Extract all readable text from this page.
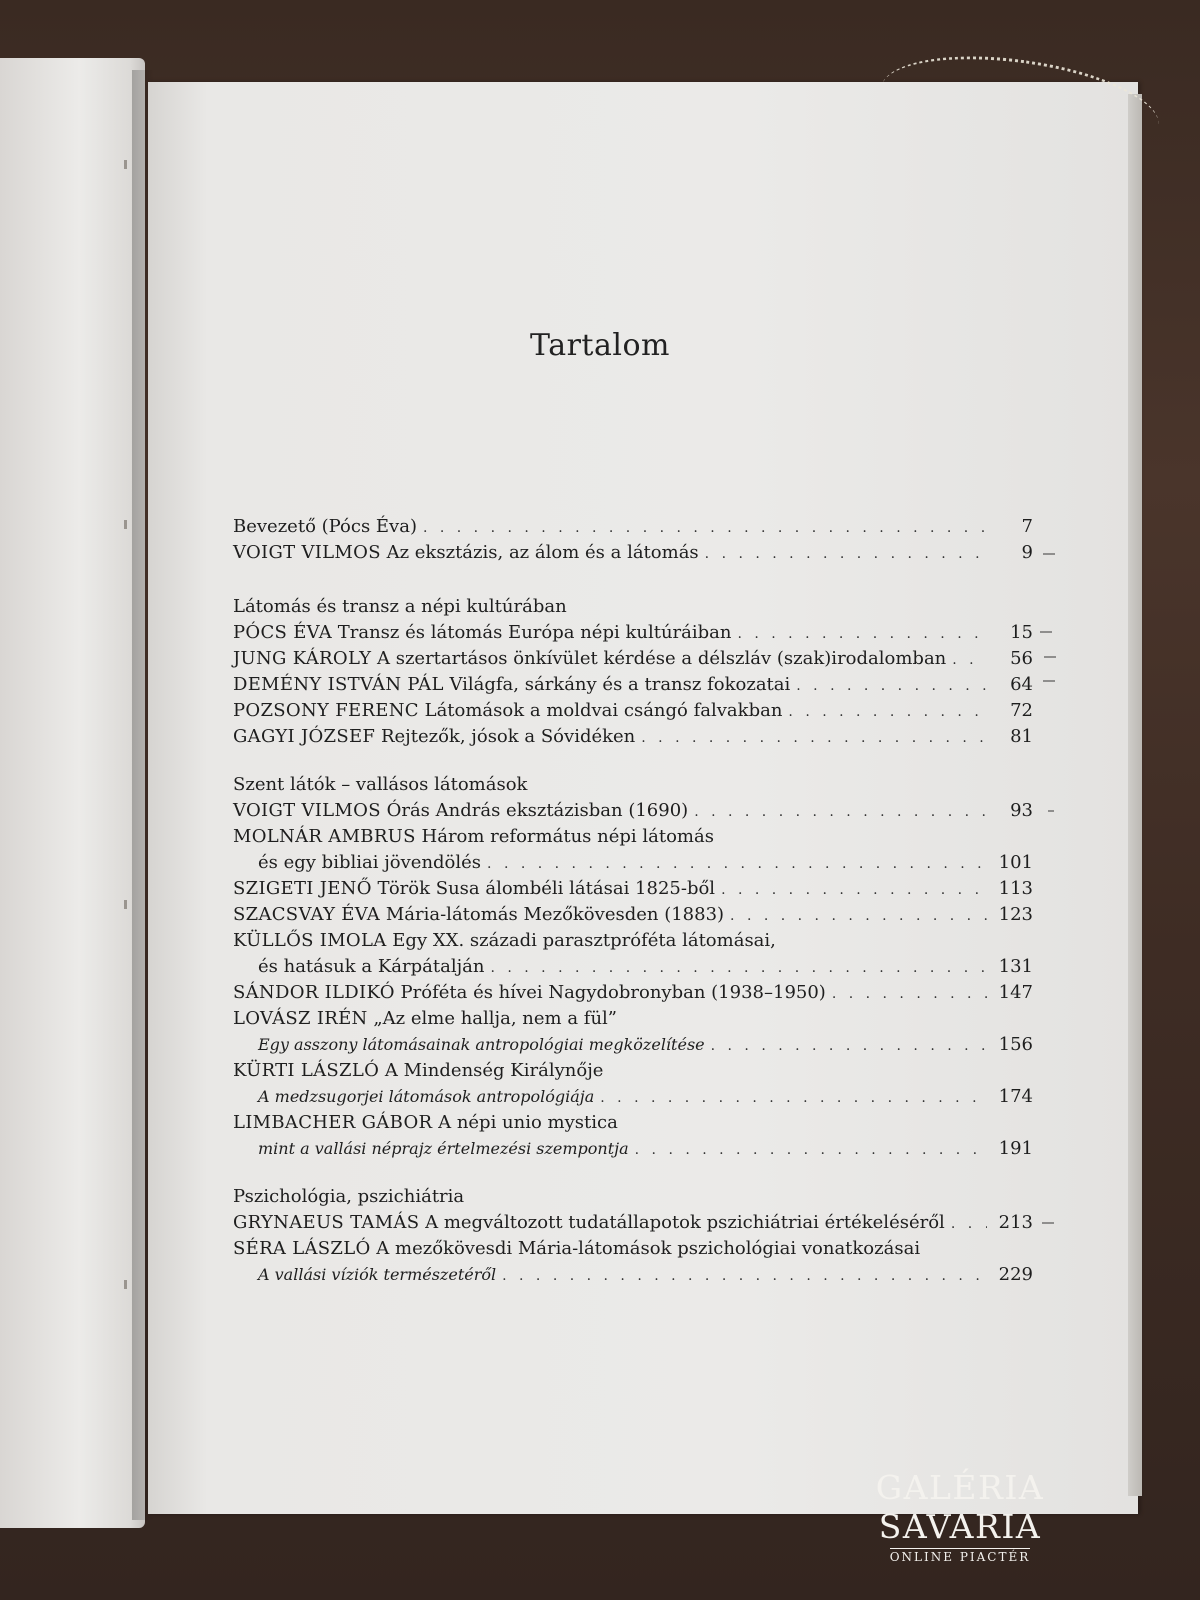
Tartalom
Bevezető (Pócs Éva) . . .	7
VOIGT VILMOS Az eksztázis, az álom és a látomás . . .	9
Látomás és transz a népi kultúrában
PÓCS ÉVA Transz és látomás Európa népi kultúráiban . . .	15
JUNG KÁROLY A szertartásos önkívület kérdése a délszláv (szak)irodalomban . . .	56
DEMÉNY ISTVÁN PÁL Világfa, sárkány és a transz fokozatai . . .	64
POZSONY FERENC Látomások a moldvai csángó falvakban . . .	72
GAGYI JÓZSEF Rejtezők, jósok a Sóvidéken . . .	81
Szent látók – vallásos látomások
VOIGT VILMOS Órás András eksztázisban (1690) . . .	93
MOLNÁR AMBRUS Három református népi látomás
és egy bibliai jövendölés . . .	101
SZIGETI JENŐ Török Susa álombéli látásai 1825-ből . . .	113
SZACSVAY ÉVA Mária-látomás Mezőkövesden (1883) . . .	123
KÜLLŐS IMOLA Egy XX. századi parasztpróféta látomásai,
és hatásuk a Kárpátalján . . .	131
SÁNDOR ILDIKÓ Próféta és hívei Nagydobronyban (1938–1950) . . .	147
LOVÁSZ IRÉN „Az elme hallja, nem a fül”
Egy asszony látomásainak antropológiai megközelítése . . .	156
KÜRTI LÁSZLÓ A Mindenség Királynője
A medzsugorjei látomások antropológiája . . .	174
LIMBACHER GÁBOR A népi unio mystica
mint a vallási néprajz értelmezési szempontja . . .	191
Pszichológia, pszichiátria
GRYNAEUS TAMÁS A megváltozott tudatállapotok pszichiátriai értékeléséről . . .	213
SÉRA LÁSZLÓ A mezőkövesdi Mária-látomások pszichológiai vonatkozásai
A vallási víziók természetéről . . .	229
GALÉRIA SAVARIA
ONLINE PIACTÉR
